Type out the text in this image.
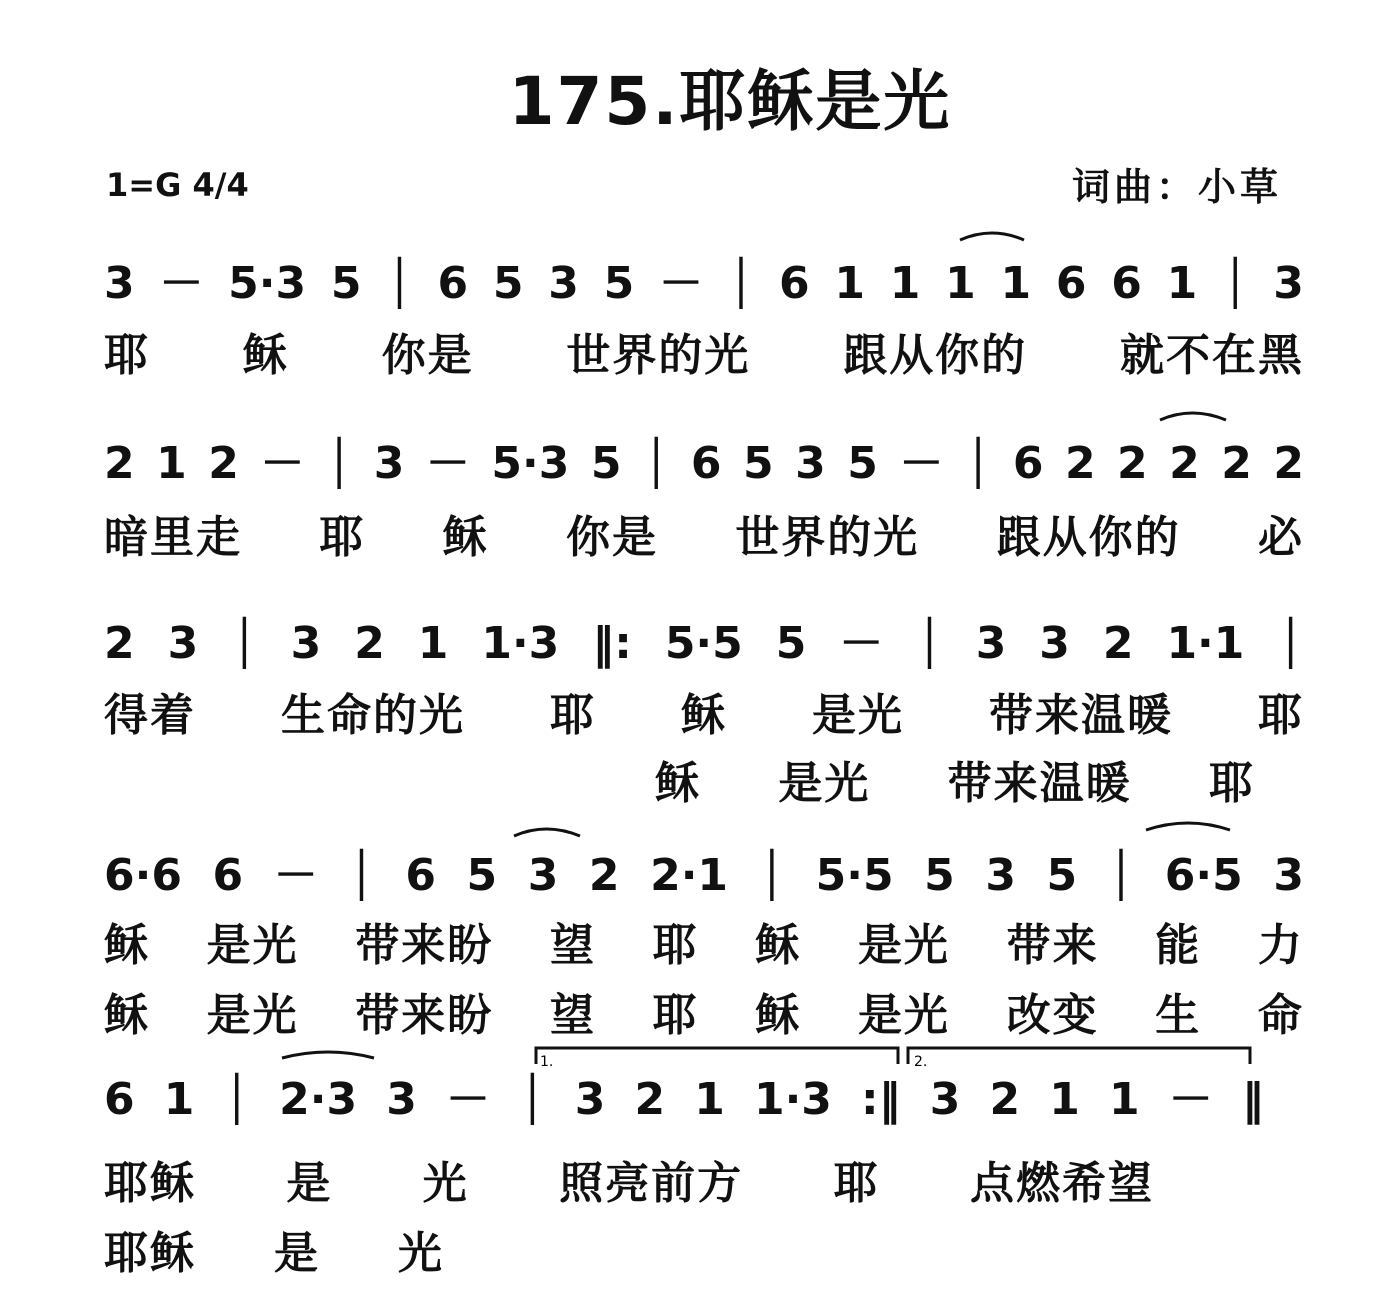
175.耶稣是光
1=G 4/4	词曲：小草
3 － 5·3 5 │ 6 5 3 5 － │ 6 1 1 1 1 6 6 1 │ 3
耶 稣 你是 世界的光 跟从你的 就不在黑
2 1 2 － │ 3 － 5·3 5 │ 6 5 3 5 － │ 6 2 2 2 2 2
暗里走 耶 稣 你是 世界的光 跟从你的 必
2 3 │ 3 2 1 1·3 ‖: 5·5 5 － │ 3 3 2 1·1 │
得着 生命的光 耶 稣 是光 带来温暖 耶
稣 是光 带来温暖 耶
6·6 6 － │ 6 5 3 2 2·1 │ 5·5 5 3 5 │ 6·5 3
稣 是光 带来盼 望 耶 稣 是光 带来 能 力
稣 是光 带来盼 望 耶 稣 是光 改变 生 命
6 1 │ 2·3 3 － │ 3 2 1 1·3 :‖ 3 2 1 1 － ‖
耶稣 是 光 照亮前方 耶 点燃希望
耶稣 是 光
1.	2.
